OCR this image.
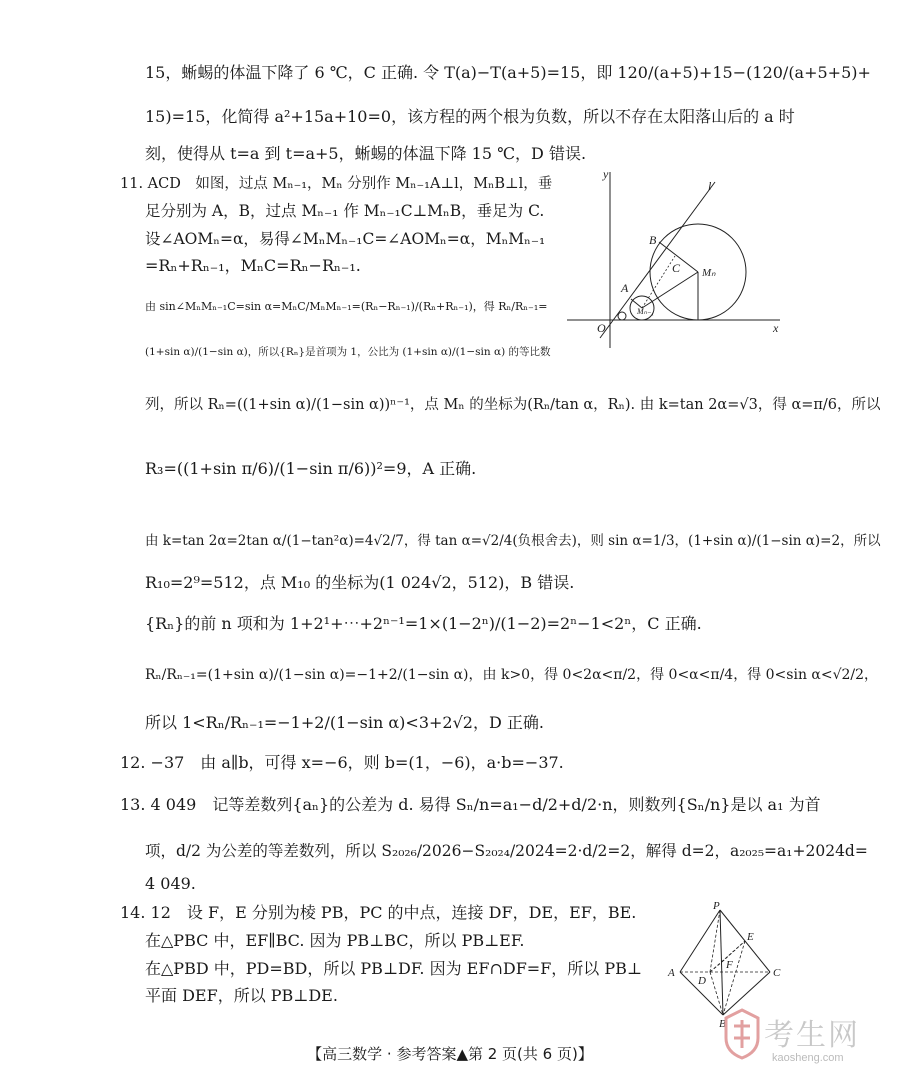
15，蜥蜴的体温下降了 6 ℃，C 正确. 令 T(a)−T(a+5)=15，即 120/(a+5)+15−(120/(a+5+5)+
15)=15，化简得 a²+15a+10=0，该方程的两个根为负数，所以不存在太阳落山后的 a 时
刻，使得从 t=a 到 t=a+5，蜥蜴的体温下降 15 ℃，D 错误.
11. ACD　如图，过点 Mₙ₋₁，Mₙ 分别作 Mₙ₋₁A⊥l，MₙB⊥l，垂
足分别为 A，B，过点 Mₙ₋₁ 作 Mₙ₋₁C⊥MₙB，垂足为 C.
设∠AOMₙ=α，易得∠MₙMₙ₋₁C=∠AOMₙ=α，MₙMₙ₋₁
=Rₙ+Rₙ₋₁，MₙC=Rₙ−Rₙ₋₁.
由 sin∠MₙMₙ₋₁C=sin α=MₙC/MₙMₙ₋₁=(Rₙ−Rₙ₋₁)/(Rₙ+Rₙ₋₁)，得 Rₙ/Rₙ₋₁=
(1+sin α)/(1−sin α)，所以{Rₙ}是首项为 1，公比为 (1+sin α)/(1−sin α) 的等比数
列，所以 Rₙ=((1+sin α)/(1−sin α))ⁿ⁻¹，点 Mₙ 的坐标为(Rₙ/tan α，Rₙ). 由 k=tan 2α=√3，得 α=π/6，所以
R₃=((1+sin π/6)/(1−sin π/6))²=9，A 正确.
由 k=tan 2α=2tan α/(1−tan²α)=4√2/7，得 tan α=√2/4(负根舍去)，则 sin α=1/3，(1+sin α)/(1−sin α)=2，所以
R₁₀=2⁹=512，点 M₁₀ 的坐标为(1 024√2，512)，B 错误.
{Rₙ}的前 n 项和为 1+2¹+⋯+2ⁿ⁻¹=1×(1−2ⁿ)/(1−2)=2ⁿ−1<2ⁿ，C 正确.
Rₙ/Rₙ₋₁=(1+sin α)/(1−sin α)=−1+2/(1−sin α)，由 k>0，得 0<2α<π/2，得 0<α<π/4，得 0<sin α<√2/2，
所以 1<Rₙ/Rₙ₋₁=−1+2/(1−sin α)<3+2√2，D 正确.
12. −37　由 a∥b，可得 x=−6，则 b=(1，−6)，a·b=−37.
13. 4 049　记等差数列{aₙ}的公差为 d. 易得 Sₙ/n=a₁−d/2+d/2·n，则数列{Sₙ/n}是以 a₁ 为首
项，d/2 为公差的等差数列，所以 S₂₀₂₆/2026−S₂₀₂₄/2024=2·d/2=2，解得 d=2，a₂₀₂₅=a₁+2024d=
4 049.
14. 12　设 F，E 分别为棱 PB，PC 的中点，连接 DF，DE，EF，BE.
在△PBC 中，EF∥BC. 因为 PB⊥BC，所以 PB⊥EF.
在△PBD 中，PD=BD，所以 PB⊥DF. 因为 EF∩DF=F，所以 PB⊥
平面 DEF，所以 PB⊥DE.
y
x
O
l
A
B
C Mₙ
Mₙ₋₁
P
E
F
A	C
D
B
【高三数学 · 参考答案▲第 2 页(共 6 页)】
考生网
kaosheng.com
